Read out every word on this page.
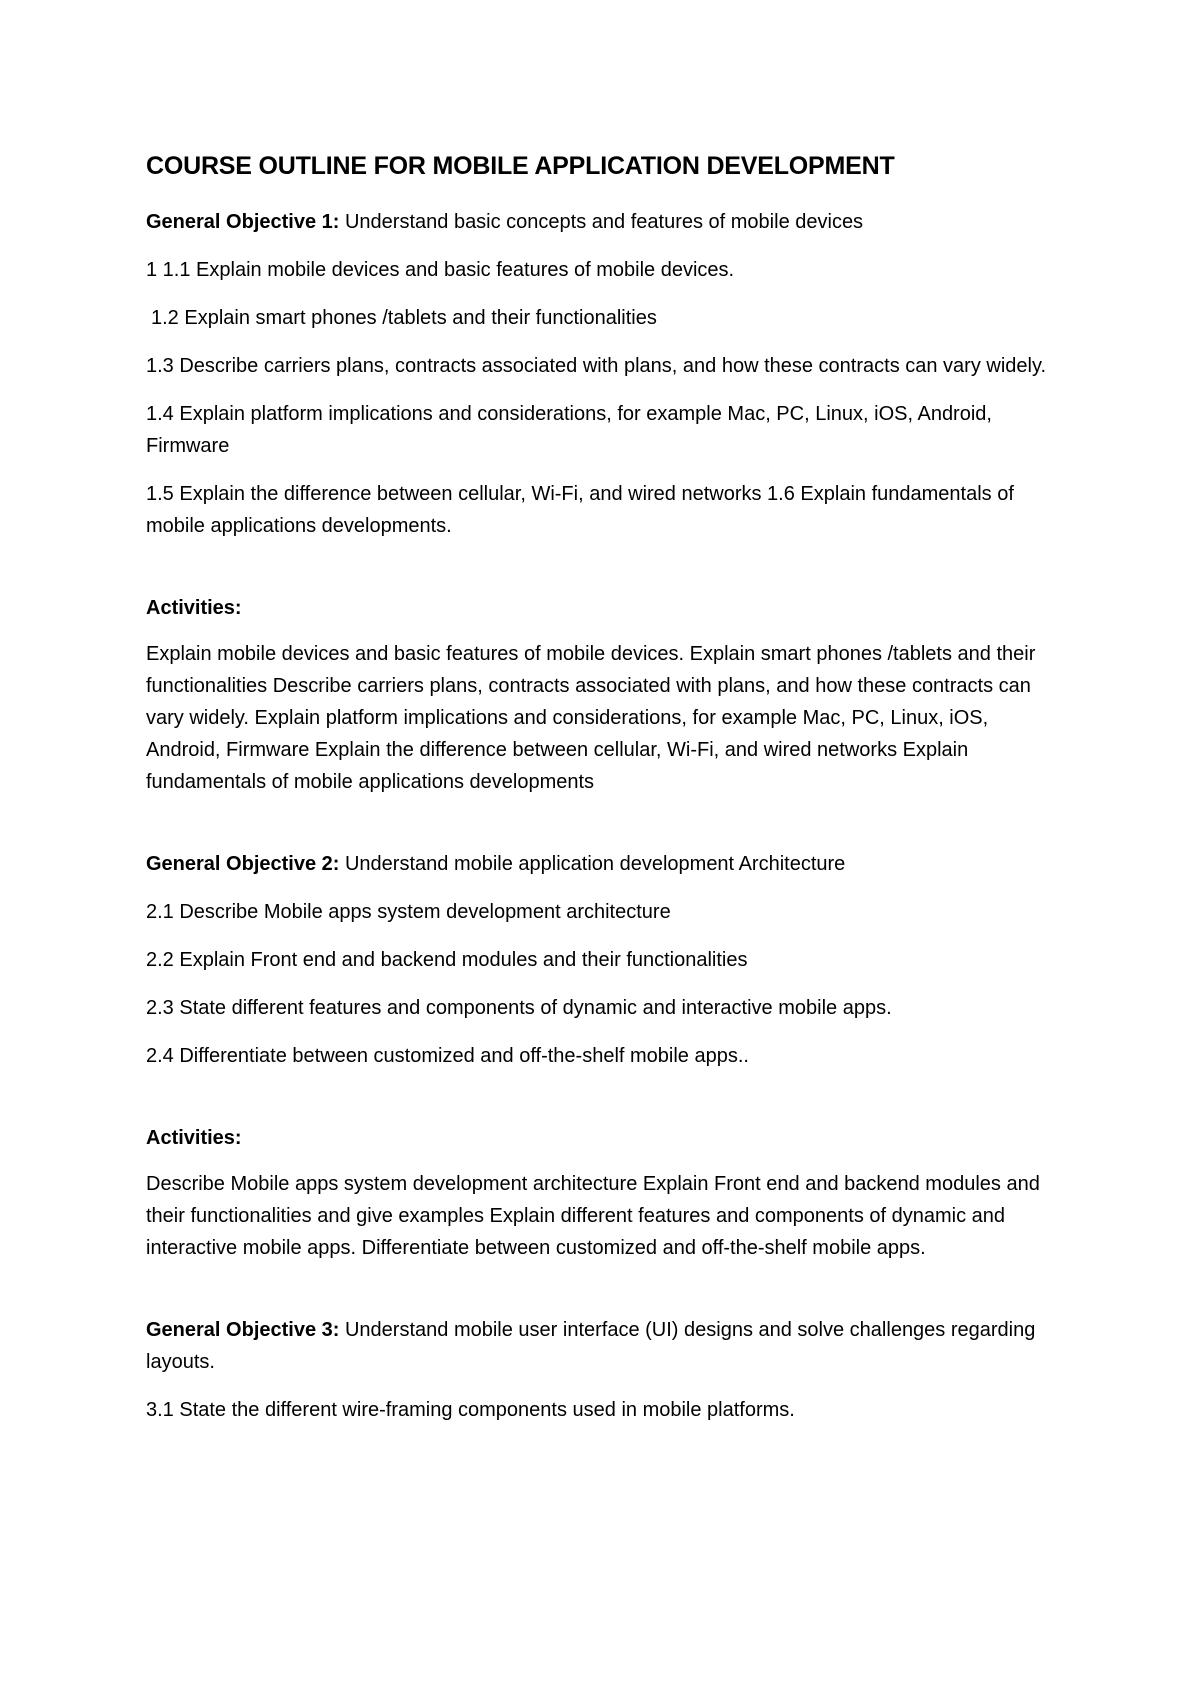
COURSE OUTLINE FOR MOBILE APPLICATION DEVELOPMENT

General Objective 1: Understand basic concepts and features of mobile devices

1 1.1 Explain mobile devices and basic features of mobile devices.

1.2 Explain smart phones /tablets and their functionalities

1.3 Describe carriers plans, contracts associated with plans, and how these contracts can vary widely.

1.4 Explain platform implications and considerations, for example Mac, PC, Linux, iOS, Android, Firmware

1.5 Explain the difference between cellular, Wi-Fi, and wired networks 1.6 Explain fundamentals of mobile applications developments.

Activities:

Explain mobile devices and basic features of mobile devices. Explain smart phones /tablets and their functionalities Describe carriers plans, contracts associated with plans, and how these contracts can vary widely. Explain platform implications and considerations, for example Mac, PC, Linux, iOS, Android, Firmware Explain the difference between cellular, Wi-Fi, and wired networks Explain fundamentals of mobile applications developments

General Objective 2: Understand mobile application development Architecture

2.1 Describe Mobile apps system development architecture

2.2 Explain Front end and backend modules and their functionalities

2.3 State different features and components of dynamic and interactive mobile apps.

2.4 Differentiate between customized and off-the-shelf mobile apps..

Activities:

Describe Mobile apps system development architecture Explain Front end and backend modules and their functionalities and give examples Explain different features and components of dynamic and interactive mobile apps. Differentiate between customized and off-the-shelf mobile apps.

General Objective 3: Understand mobile user interface (UI) designs and solve challenges regarding layouts.

3.1 State the different wire-framing components used in mobile platforms.
